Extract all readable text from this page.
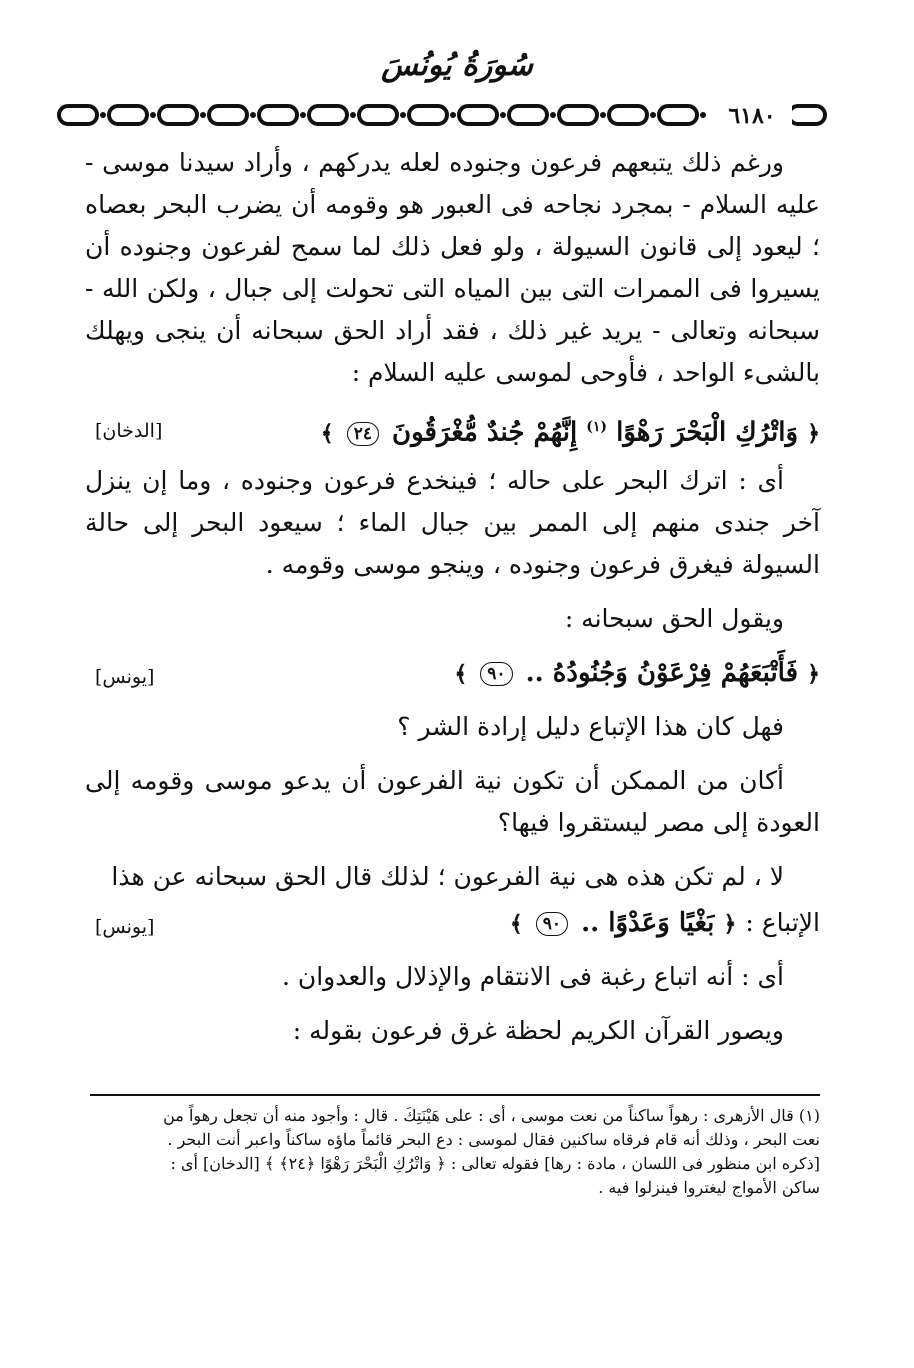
سُورَةُ يُونُسَ
٦١٨٠

ورغم ذلك يتبعهم فرعون وجنوده لعله يدركهم ، وأراد سيدنا موسى - عليه السلام - بمجرد نجاحه فى العبور هو وقومه أن يضرب البحر بعصاه ؛ ليعود إلى قانون السيولة ، ولو فعل ذلك لما سمح لفرعون وجنوده أن يسيروا فى الممرات التى بين المياه التى تحولت إلى جبال ، ولكن الله - سبحانه وتعالى - يريد غير ذلك ، فقد أراد الحق سبحانه أن ينجى ويهلك بالشىء الواحد ، فأوحى لموسى عليه السلام :

﴿ وَاتْرُكِ الْبَحْرَ رَهْوًا $^{(١)}$ إِنَّهُمْ جُندٌ مُّغْرَقُونَ ٢٤ ﴾
[الدخان]

أى : اترك البحر على حاله ؛ فينخدع فرعون وجنوده ، وما إن ينزل آخر جندى منهم إلى الممر بين جبال الماء ؛ سيعود البحر إلى حالة السيولة فيغرق فرعون وجنوده ، وينجو موسى وقومه .

ويقول الحق سبحانه :

﴿ فَأَتْبَعَهُمْ فِرْعَوْنُ وَجُنُودُهُ .. ٩٠ ﴾
[يونس]

فهل كان هذا الإتباع دليل إرادة الشر ؟

أكان من الممكن أن تكون نية الفرعون أن يدعو موسى وقومه إلى العودة إلى مصر ليستقروا فيها؟

لا ، لم تكن هذه هى نية الفرعون ؛ لذلك قال الحق سبحانه عن هذا

الإتباع : ﴿ بَغْيًا وَعَدْوًا .. ٩٠ ﴾
[يونس]

أى : أنه اتباع رغبة فى الانتقام والإذلال والعدوان .

ويصور القرآن الكريم لحظة غرق فرعون بقوله :

(١) قال الأزهرى : رهواً ساكناً من نعت موسى ، أى : على هَيْنَتِكَ . قال : وأجود منه أن تجعل رهواً من

نعت البحر ، وذلك أنه قام فرقاه ساكنين فقال لموسى : دع البحر قائماً ماؤه ساكناً واعبر أنت البحر .

[ذكره ابن منظور فى اللسان ، مادة : رها] فقوله تعالى : ﴿ وَاتْرُكِ الْبَحْرَ رَهْوًا ﴿٢٤﴾ ﴾ [الدخان] أى :

ساكن الأمواج ليغتروا فينزلوا فيه .
